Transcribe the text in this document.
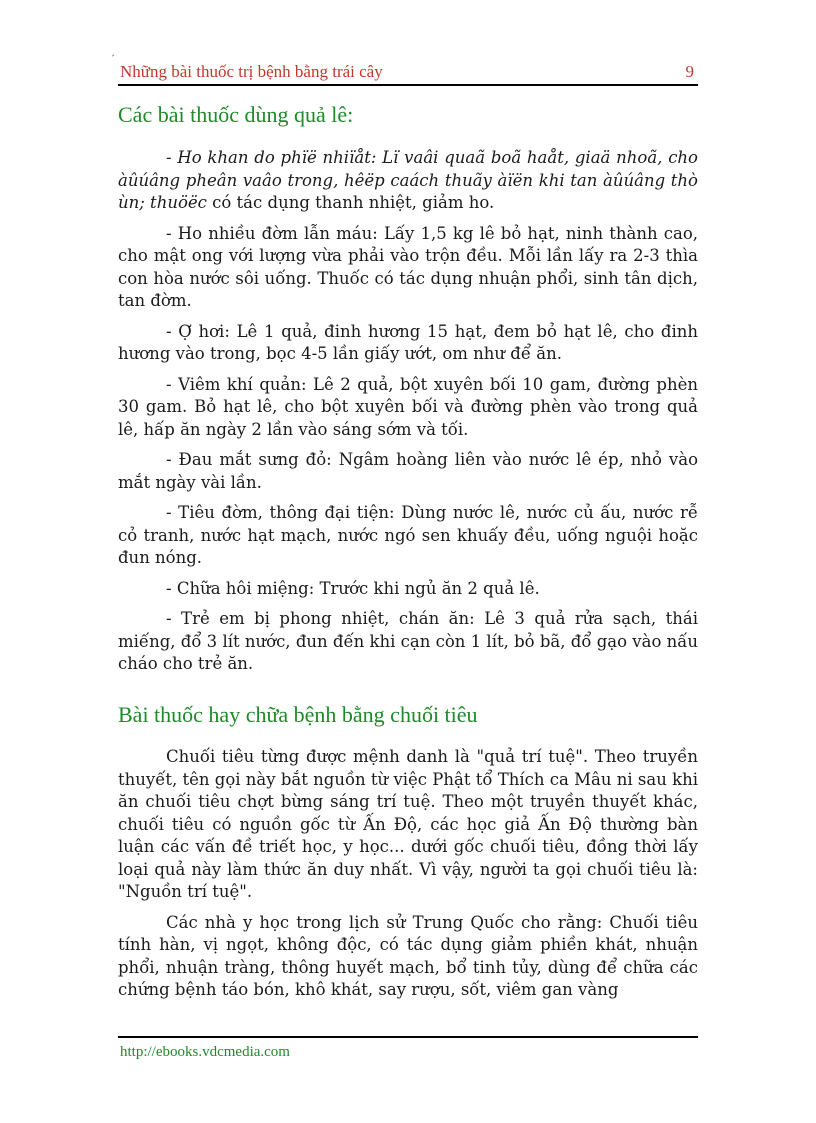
´
Những bài thuốc trị bệnh bằng trái cây	9
Các bài thuốc dùng quả lê:

- Ho khan do phïë nhiïåt: Lï vaâi quaã boã haåt, giaä nhoã, cho àûúâng pheân vaâo trong, hêëp caách thuãy àïën khi tan àûúâng thò ùn; thuöëc có tác dụng thanh nhiệt, giảm ho.

- Ho nhiều đờm lẫn máu: Lấy 1,5 kg lê bỏ hạt, ninh thành cao, cho mật ong với lượng vừa phải vào trộn đều. Mỗi lần lấy ra 2-3 thìa con hòa nước sôi uống. Thuốc có tác dụng nhuận phổi, sinh tân dịch, tan đờm.

- Ợ hơi: Lê 1 quả, đinh hương 15 hạt, đem bỏ hạt lê, cho đinh hương vào trong, bọc 4-5 lần giấy ướt, om như để ăn.

- Viêm khí quản: Lê 2 quả, bột xuyên bối 10 gam, đường phèn 30 gam. Bỏ hạt lê, cho bột xuyên bối và đường phèn vào trong quả lê, hấp ăn ngày 2 lần vào sáng sớm và tối.

- Đau mắt sưng đỏ: Ngâm hoàng liên vào nước lê ép, nhỏ vào mắt ngày vài lần.

- Tiêu đờm, thông đại tiện: Dùng nước lê, nước củ ấu, nước rễ cỏ tranh, nước hạt mạch, nước ngó sen khuấy đều, uống nguội hoặc đun nóng.

- Chữa hôi miệng: Trước khi ngủ ăn 2 quả lê.

- Trẻ em bị phong nhiệt, chán ăn: Lê 3 quả rửa sạch, thái miếng, đổ 3 lít nước, đun đến khi cạn còn 1 lít, bỏ bã, đổ gạo vào nấu cháo cho trẻ ăn.

Bài thuốc hay chữa bệnh bằng chuối tiêu

Chuối tiêu từng được mệnh danh là "quả trí tuệ". Theo truyền thuyết, tên gọi này bắt nguồn từ việc Phật tổ Thích ca Mâu ni sau khi ăn chuối tiêu chợt bừng sáng trí tuệ. Theo một truyền thuyết khác, chuối tiêu có nguồn gốc từ Ấn Độ, các học giả Ấn Độ thường bàn luận các vấn đề triết học, y học... dưới gốc chuối tiêu, đồng thời lấy loại quả này làm thức ăn duy nhất. Vì vậy, người ta gọi chuối tiêu là: "Nguồn trí tuệ".

Các nhà y học trong lịch sử Trung Quốc cho rằng: Chuối tiêu tính hàn, vị ngọt, không độc, có tác dụng giảm phiền khát, nhuận phổi, nhuận tràng, thông huyết mạch, bổ tinh tủy, dùng để chữa các chứng bệnh táo bón, khô khát, say rượu, sốt, viêm gan vàng

http://ebooks.vdcmedia.com
